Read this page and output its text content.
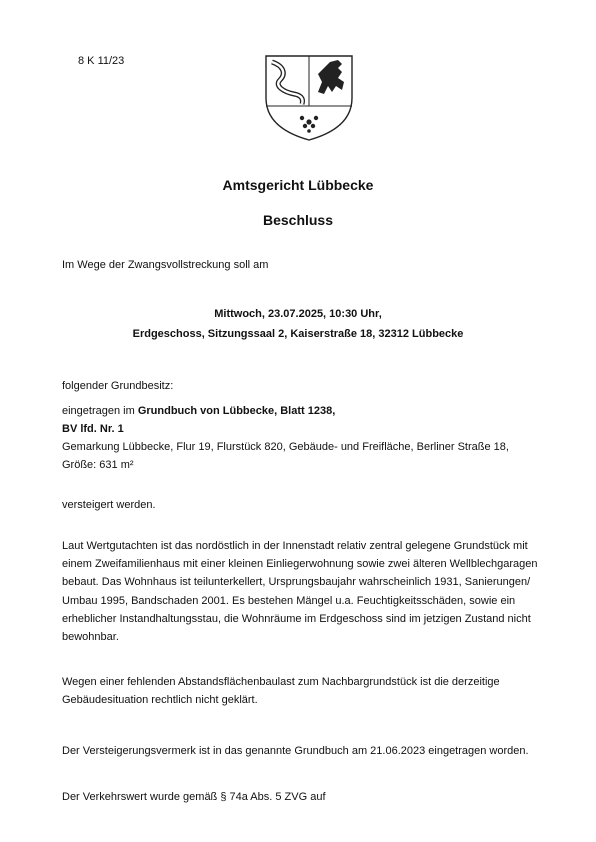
8 K 11/23
Amtsgericht Lübbecke
Beschluss
Im Wege der Zwangsvollstreckung soll am
Mittwoch, 23.07.2025, 10:30 Uhr,
Erdgeschoss, Sitzungssaal 2, Kaiserstraße 18, 32312 Lübbecke
folgender Grundbesitz:
eingetragen im Grundbuch von Lübbecke, Blatt 1238,
BV lfd. Nr. 1
Gemarkung Lübbecke, Flur 19, Flurstück 820, Gebäude- und Freifläche, Berliner Straße 18, Größe: 631 m²
versteigert werden.
Laut Wertgutachten ist das nordöstlich in der Innenstadt relativ zentral gelegene Grundstück mit einem Zweifamilienhaus mit einer kleinen Einliegerwohnung sowie zwei älteren Wellblechgaragen bebaut. Das Wohnhaus ist teilunterkellert, Ursprungsbaujahr wahrscheinlich 1931, Sanierungen/ Umbau 1995, Bandschaden 2001. Es bestehen Mängel u.a. Feuchtigkeitsschäden, sowie ein erheblicher Instandhaltungsstau, die Wohnräume im Erdgeschoss sind im jetzigen Zustand nicht bewohnbar.
Wegen einer fehlenden Abstandsflächenbaulast zum Nachbargrundstück ist die derzeitige Gebäudesituation rechtlich nicht geklärt.
Der Versteigerungsvermerk ist in das genannte Grundbuch am 21.06.2023 eingetragen worden.
Der Verkehrswert wurde gemäß § 74a Abs. 5 ZVG auf
